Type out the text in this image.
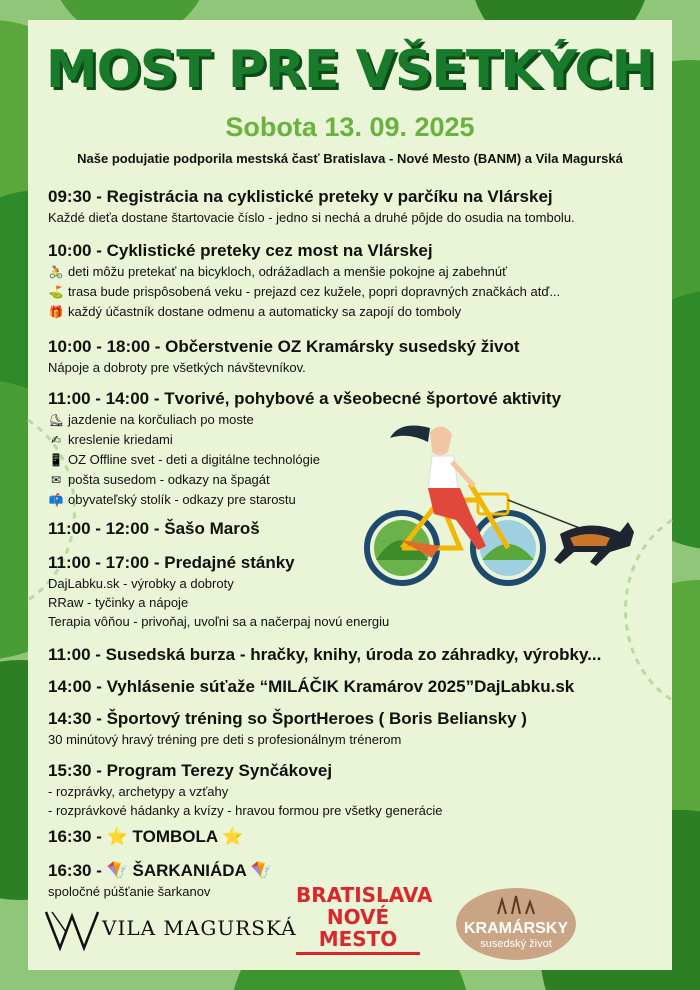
MOST PRE VŠETKÝCH
Sobota 13. 09. 2025
Naše podujatie podporila mestská časť Bratislava - Nové Mesto (BANM) a Vila Magurská
09:30 - Registrácia na cyklistické preteky v parčíku na Vlárskej
Každé dieťa dostane štartovacie číslo - jedno si nechá a druhé pôjde do osudia na tombolu.
10:00 - Cyklistické preteky cez most na Vlárskej
🚴 deti môžu pretekať na bicykloch, odrážadlach a menšie pokojne aj zabehnúť
⛳ trasa bude prispôsobená veku - prejazd cez kužele, popri dopravných značkách atď...
🎁 každý účastník dostane odmenu a automaticky sa zapojí do tomboly
10:00 - 18:00 - Občerstvenie OZ Kramársky susedský život
Nápoje a dobroty pre všetkých návštevníkov.
11:00 - 14:00 - Tvorivé, pohybové a všeobecné športové aktivity
⛸ jazdenie na korčuliach po moste
✍ kreslenie kriedami
📱 OZ Offline svet - deti a digitálne technológie
✉ pošta susedom - odkazy na špagát
📫 obyvateľský stolík - odkazy pre starostu
11:00 - 12:00 - Šašo Maroš
11:00 - 17:00 - Predajné stánky
DajLabku.sk - výrobky a dobroty
RRaw - tyčinky a nápoje
Terapia vôňou - privoňaj, uvoľni sa a načerpaj novú energiu
11:00 - Susedská burza - hračky, knihy, úroda zo záhradky, výrobky...
14:00 - Vyhlásenie súťaže “MILÁČIK Kramárov 2025”DajLabku.sk
14:30 - Športový tréning so ŠportHeroes ( Boris Beliansky )
30 minútový hravý tréning pre deti s profesionálnym trénerom
15:30 - Program Terezy Synčákovej
- rozprávky, archetypy a vzťahy
- rozprávkové hádanky a kvízy - hravou formou pre všetky generácie
16:30 - ⭐ TOMBOLA ⭐
16:30 - 🪁 ŠARKANIÁDA 🪁
spoločné púšťanie šarkanov
VILA MAGURSKÁ
BRATISLAVA
NOVÉ MESTO	KRAMÁRSKY
susedský život
